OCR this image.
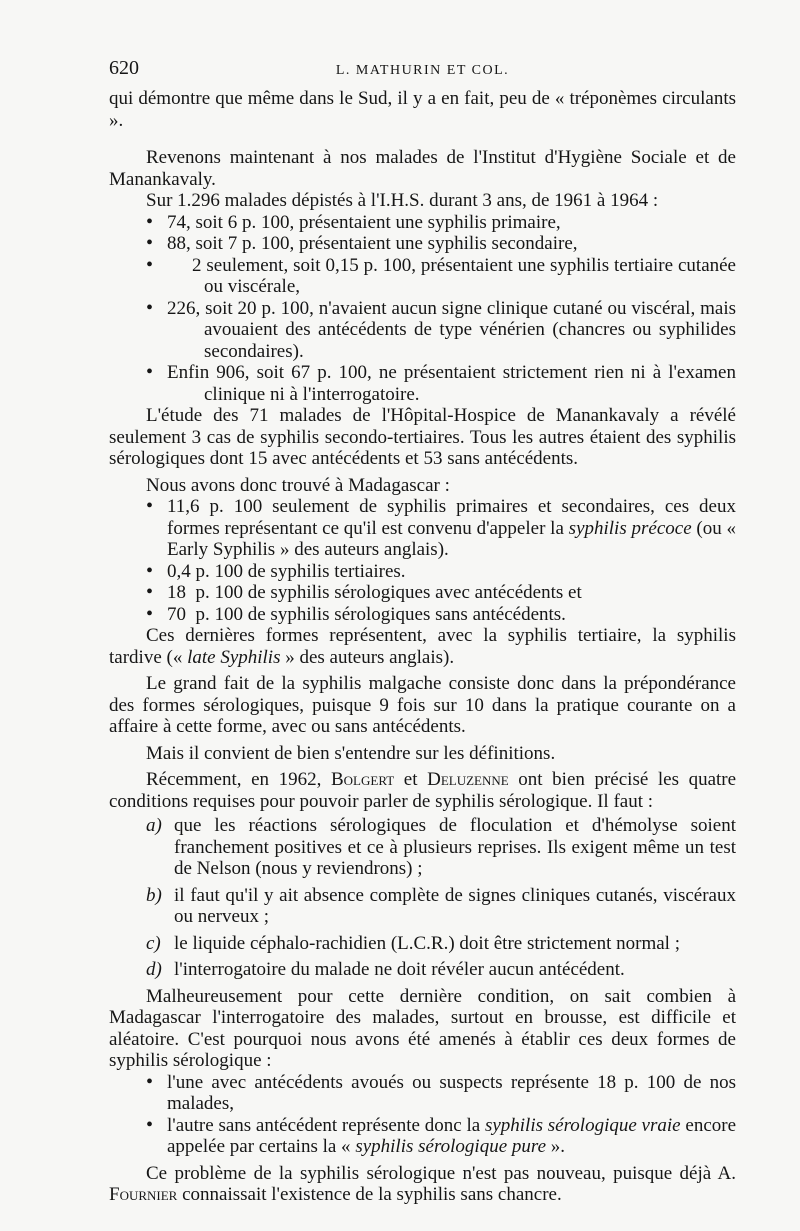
620	L. MATHURIN ET COL.

qui démontre que même dans le Sud, il y a en fait, peu de « tréponèmes circulants ».

Revenons maintenant à nos malades de l'Institut d'Hygiène Sociale et de Manankavaly.

Sur 1.296 malades dépistés à l'I.H.S. durant 3 ans, de 1961 à 1964 :

• 74, soit 6 p. 100, présentaient une syphilis primaire,
• 88, soit 7 p. 100, présentaient une syphilis secondaire,
• 2 seulement, soit 0,15 p. 100, présentaient une syphilis tertiaire cutanée ou viscérale,
• 226, soit 20 p. 100, n'avaient aucun signe clinique cutané ou viscéral, mais avouaient des antécédents de type vénérien (chancres ou syphilides secondaires).
• Enfin 906, soit 67 p. 100, ne présentaient strictement rien ni à l'examen clinique ni à l'interrogatoire.

L'étude des 71 malades de l'Hôpital-Hospice de Manankavaly a révélé seulement 3 cas de syphilis secondo-tertiaires. Tous les autres étaient des syphilis sérologiques dont 15 avec antécédents et 53 sans antécédents.

Nous avons donc trouvé à Madagascar :

• 11,6 p. 100 seulement de syphilis primaires et secondaires, ces deux formes représentant ce qu'il est convenu d'appeler la syphilis précoce (ou « Early Syphilis » des auteurs anglais).
• 0,4 p. 100 de syphilis tertiaires.
• 18  p. 100 de syphilis sérologiques avec antécédents et
• 70  p. 100 de syphilis sérologiques sans antécédents.

Ces dernières formes représentent, avec la syphilis tertiaire, la syphilis tardive (« late Syphilis » des auteurs anglais).

Le grand fait de la syphilis malgache consiste donc dans la prépondérance des formes sérologiques, puisque 9 fois sur 10 dans la pratique courante on a affaire à cette forme, avec ou sans antécédents.

Mais il convient de bien s'entendre sur les définitions.

Récemment, en 1962, Bolgert et Deluzenne ont bien précisé les quatre conditions requises pour pouvoir parler de syphilis sérologique. Il faut :

a) que les réactions sérologiques de floculation et d'hémolyse soient franchement positives et ce à plusieurs reprises. Ils exigent même un test de Nelson (nous y reviendrons) ;
b) il faut qu'il y ait absence complète de signes cliniques cutanés, viscéraux ou nerveux ;
c) le liquide céphalo-rachidien (L.C.R.) doit être strictement normal ;
d) l'interrogatoire du malade ne doit révéler aucun antécédent.

Malheureusement pour cette dernière condition, on sait combien à Madagascar l'interrogatoire des malades, surtout en brousse, est difficile et aléatoire. C'est pourquoi nous avons été amenés à établir ces deux formes de syphilis sérologique :

• l'une avec antécédents avoués ou suspects représente 18 p. 100 de nos malades,
• l'autre sans antécédent représente donc la syphilis sérologique vraie encore appelée par certains la « syphilis sérologique pure ».

Ce problème de la syphilis sérologique n'est pas nouveau, puisque déjà A. Fournier connaissait l'existence de la syphilis sans chancre.
